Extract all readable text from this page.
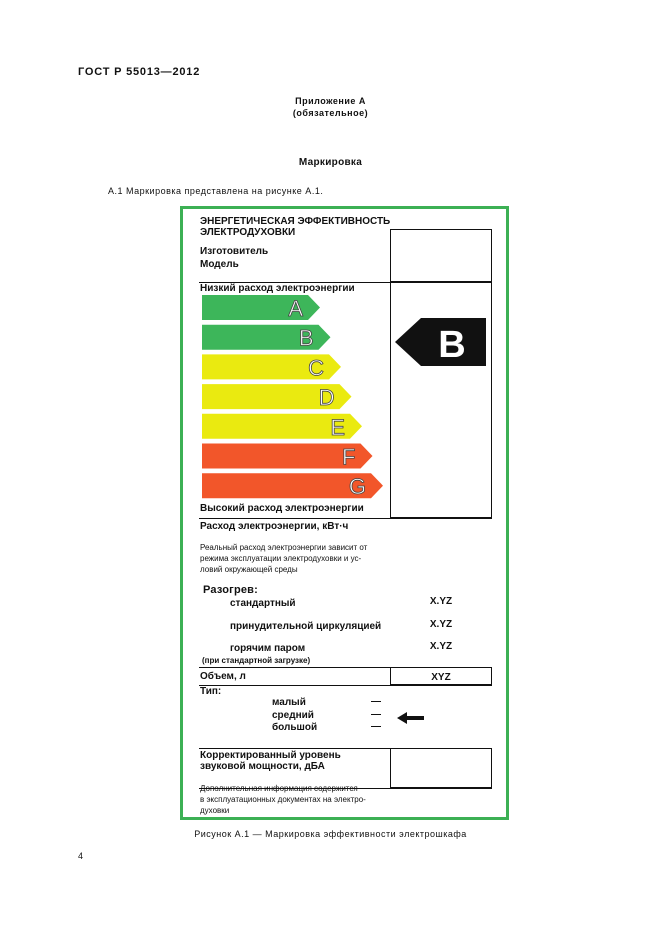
ГОСТ Р 55013—2012
Приложение А
(обязательное)
Маркировка
А.1 Маркировка представлена на рисунке А.1.
ЭНЕРГЕТИЧЕСКАЯ ЭФФЕКТИВНОСТЬ
ЭЛЕКТРОДУХОВКИ
Изготовитель
Модель
Низкий расход электроэнергии
A
B
C
D
E
F
G
B
Высокий расход электроэнергии
Расход электроэнергии, кВт·ч
Реальный расход электроэнергии зависит от
режима эксплуатации электродуховки и ус-
ловий окружающей среды
Разогрев:
стандартный
принудительной циркуляцией
горячим паром
(при стандартной загрузке)
X.YZ
X.YZ
X.YZ
Объем, л	XYZ
Тип:
малый
средний
большой
—
—
—
Корректированный уровень
звуковой мощности, дБА
Дополнительная информация содержится
в эксплуатационных документах на электро-
духовки
Рисунок А.1 — Маркировка эффективности электрошкафа
4
